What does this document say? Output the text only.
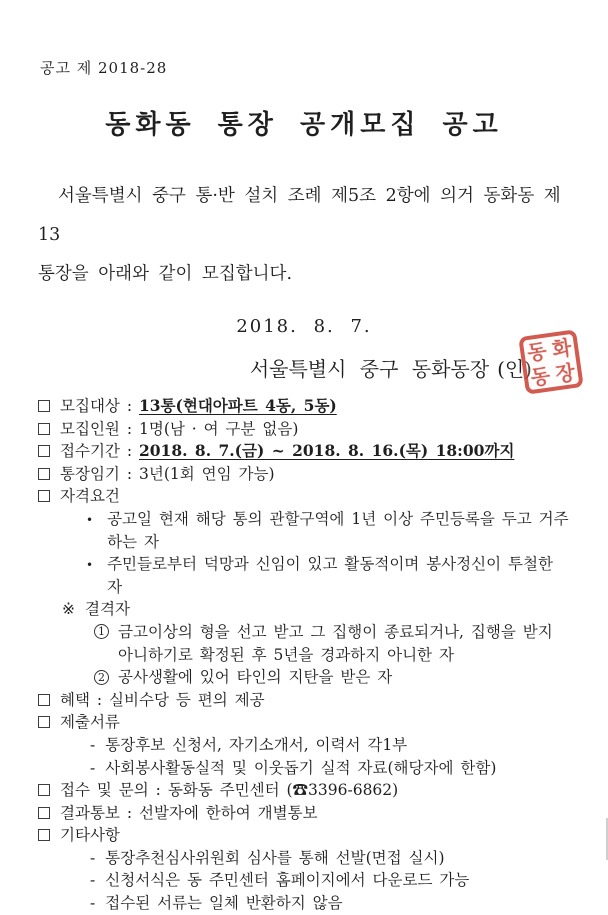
공고 제 2018-28
동화동 통장 공개모집 공고

서울특별시 중구 통·반 설치 조례 제5조 2항에 의거 동화동 제13
통장을 아래와 같이 모집합니다.

2018. 8. 7.
서울특별시 중구 동화동장 (인)
동 화
동 장
모집대상 : 13통(현대아파트 4동, 5동)
모집인원 : 1명(남 · 여 구분 없음)
접수기간 : 2018. 8. 7.(금) ~ 2018. 8. 16.(목) 18:00까지
통장임기 : 3년(1회 연임 가능)
자격요건
• 공고일 현재 해당 통의 관할구역에 1년 이상 주민등록을 두고 거주하는 자
• 주민들로부터 덕망과 신임이 있고 활동적이며 봉사정신이 투철한 자
※ 결격자
1 금고이상의 형을 선고 받고 그 집행이 종료되거나, 집행을 받지 아니하기로 확정된 후 5년을 경과하지 아니한 자
2 공사생활에 있어 타인의 지탄을 받은 자
혜택 : 실비수당 등 편의 제공
제출서류
- 통장후보 신청서, 자기소개서, 이력서 각1부
- 사회봉사활동실적 및 이웃돕기 실적 자료(해당자에 한함)
접수 및 문의 : 동화동 주민센터 (☎3396-6862)
결과통보 : 선발자에 한하여 개별통보
기타사항
- 통장추천심사위원회 심사를 통해 선발(면접 실시)
- 신청서식은 동 주민센터 홈페이지에서 다운로드 가능
- 접수된 서류는 일체 반환하지 않음
